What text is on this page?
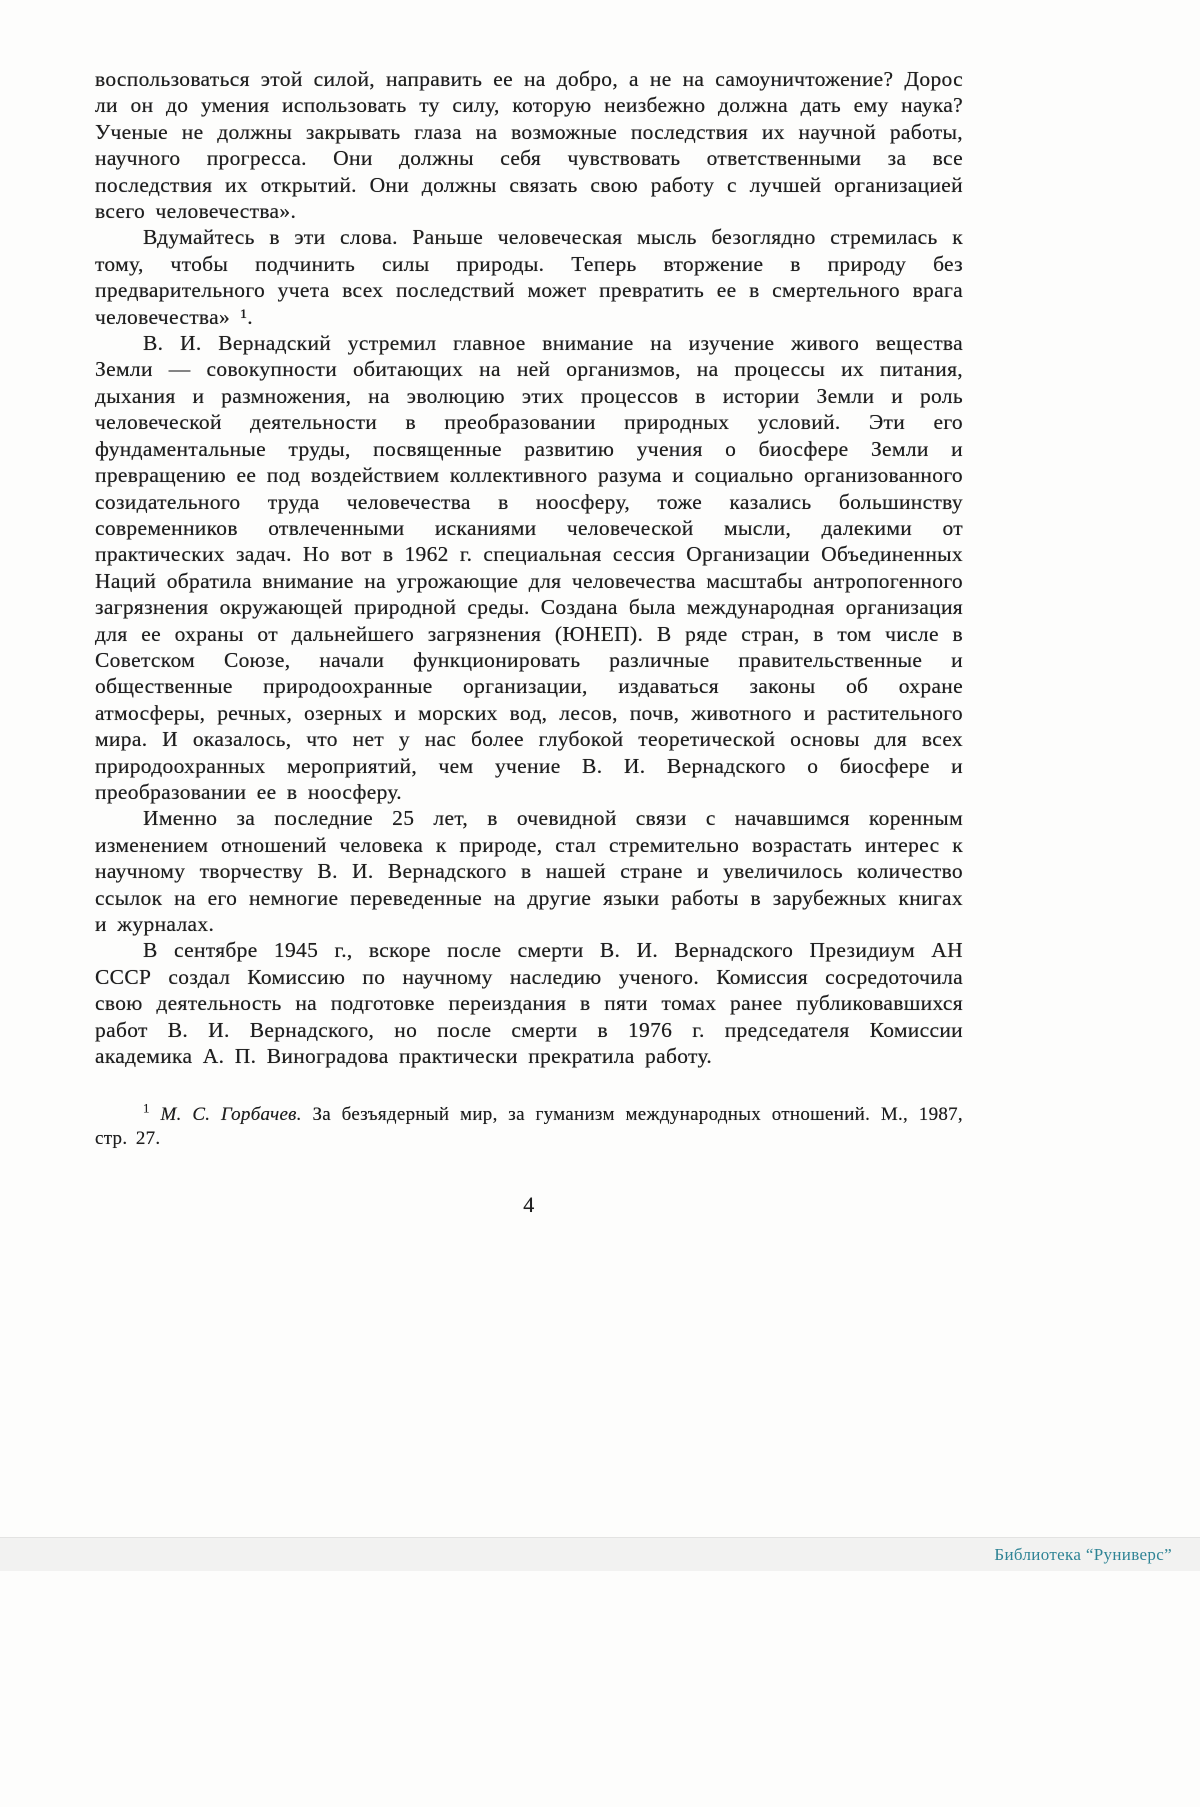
воспользоваться этой силой, направить ее на добро, а не на самоуничтожение? Дорос ли он до умения использовать ту силу, которую неизбежно должна дать ему наука? Ученые не должны закрывать глаза на возможные последствия их научной работы, научного прогресса. Они должны себя чувствовать ответственными за все последствия их открытий. Они должны связать свою работу с лучшей организацией всего человечества».

Вдумайтесь в эти слова. Раньше человеческая мысль безоглядно стремилась к тому, чтобы подчинить силы природы. Теперь вторжение в природу без предварительного учета всех последствий может превратить ее в смертельного врага человечества» ¹.

В. И. Вернадский устремил главное внимание на изучение живого вещества Земли — совокупности обитающих на ней организмов, на процессы их питания, дыхания и размножения, на эволюцию этих процессов в истории Земли и роль человеческой деятельности в преобразовании природных условий. Эти его фундаментальные труды, посвященные развитию учения о биосфере Земли и превращению ее под воздействием коллективного разума и социально организованного созидательного труда человечества в ноосферу, тоже казались большинству современников отвлеченными исканиями человеческой мысли, далекими от практических задач. Но вот в 1962 г. специальная сессия Организации Объединенных Наций обратила внимание на угрожающие для человечества масштабы антропогенного загрязнения окружающей природной среды. Создана была международная организация для ее охраны от дальнейшего загрязнения (ЮНЕП). В ряде стран, в том числе в Советском Союзе, начали функционировать различные правительственные и общественные природоохранные организации, издаваться законы об охране атмосферы, речных, озерных и морских вод, лесов, почв, животного и растительного мира. И оказалось, что нет у нас более глубокой теоретической основы для всех природоохранных мероприятий, чем учение В. И. Вернадского о биосфере и преобразовании ее в ноосферу.

Именно за последние 25 лет, в очевидной связи с начавшимся коренным изменением отношений человека к природе, стал стремительно возрастать интерес к научному творчеству В. И. Вернадского в нашей стране и увеличилось количество ссылок на его немногие переведенные на другие языки работы в зарубежных книгах и журналах.

В сентябре 1945 г., вскоре после смерти В. И. Вернадского Президиум АН СССР создал Комиссию по научному наследию ученого. Комиссия сосредоточила свою деятельность на подготовке переиздания в пяти томах ранее публиковавшихся работ В. И. Вернадского, но после смерти в 1976 г. председателя Комиссии академика А. П. Виноградова практически прекратила работу.

$^1$ М. С. Горбачев. За безъядерный мир, за гуманизм международных отношений. М., 1987, стр. 27.

4
Библиотека “Руниверс”
